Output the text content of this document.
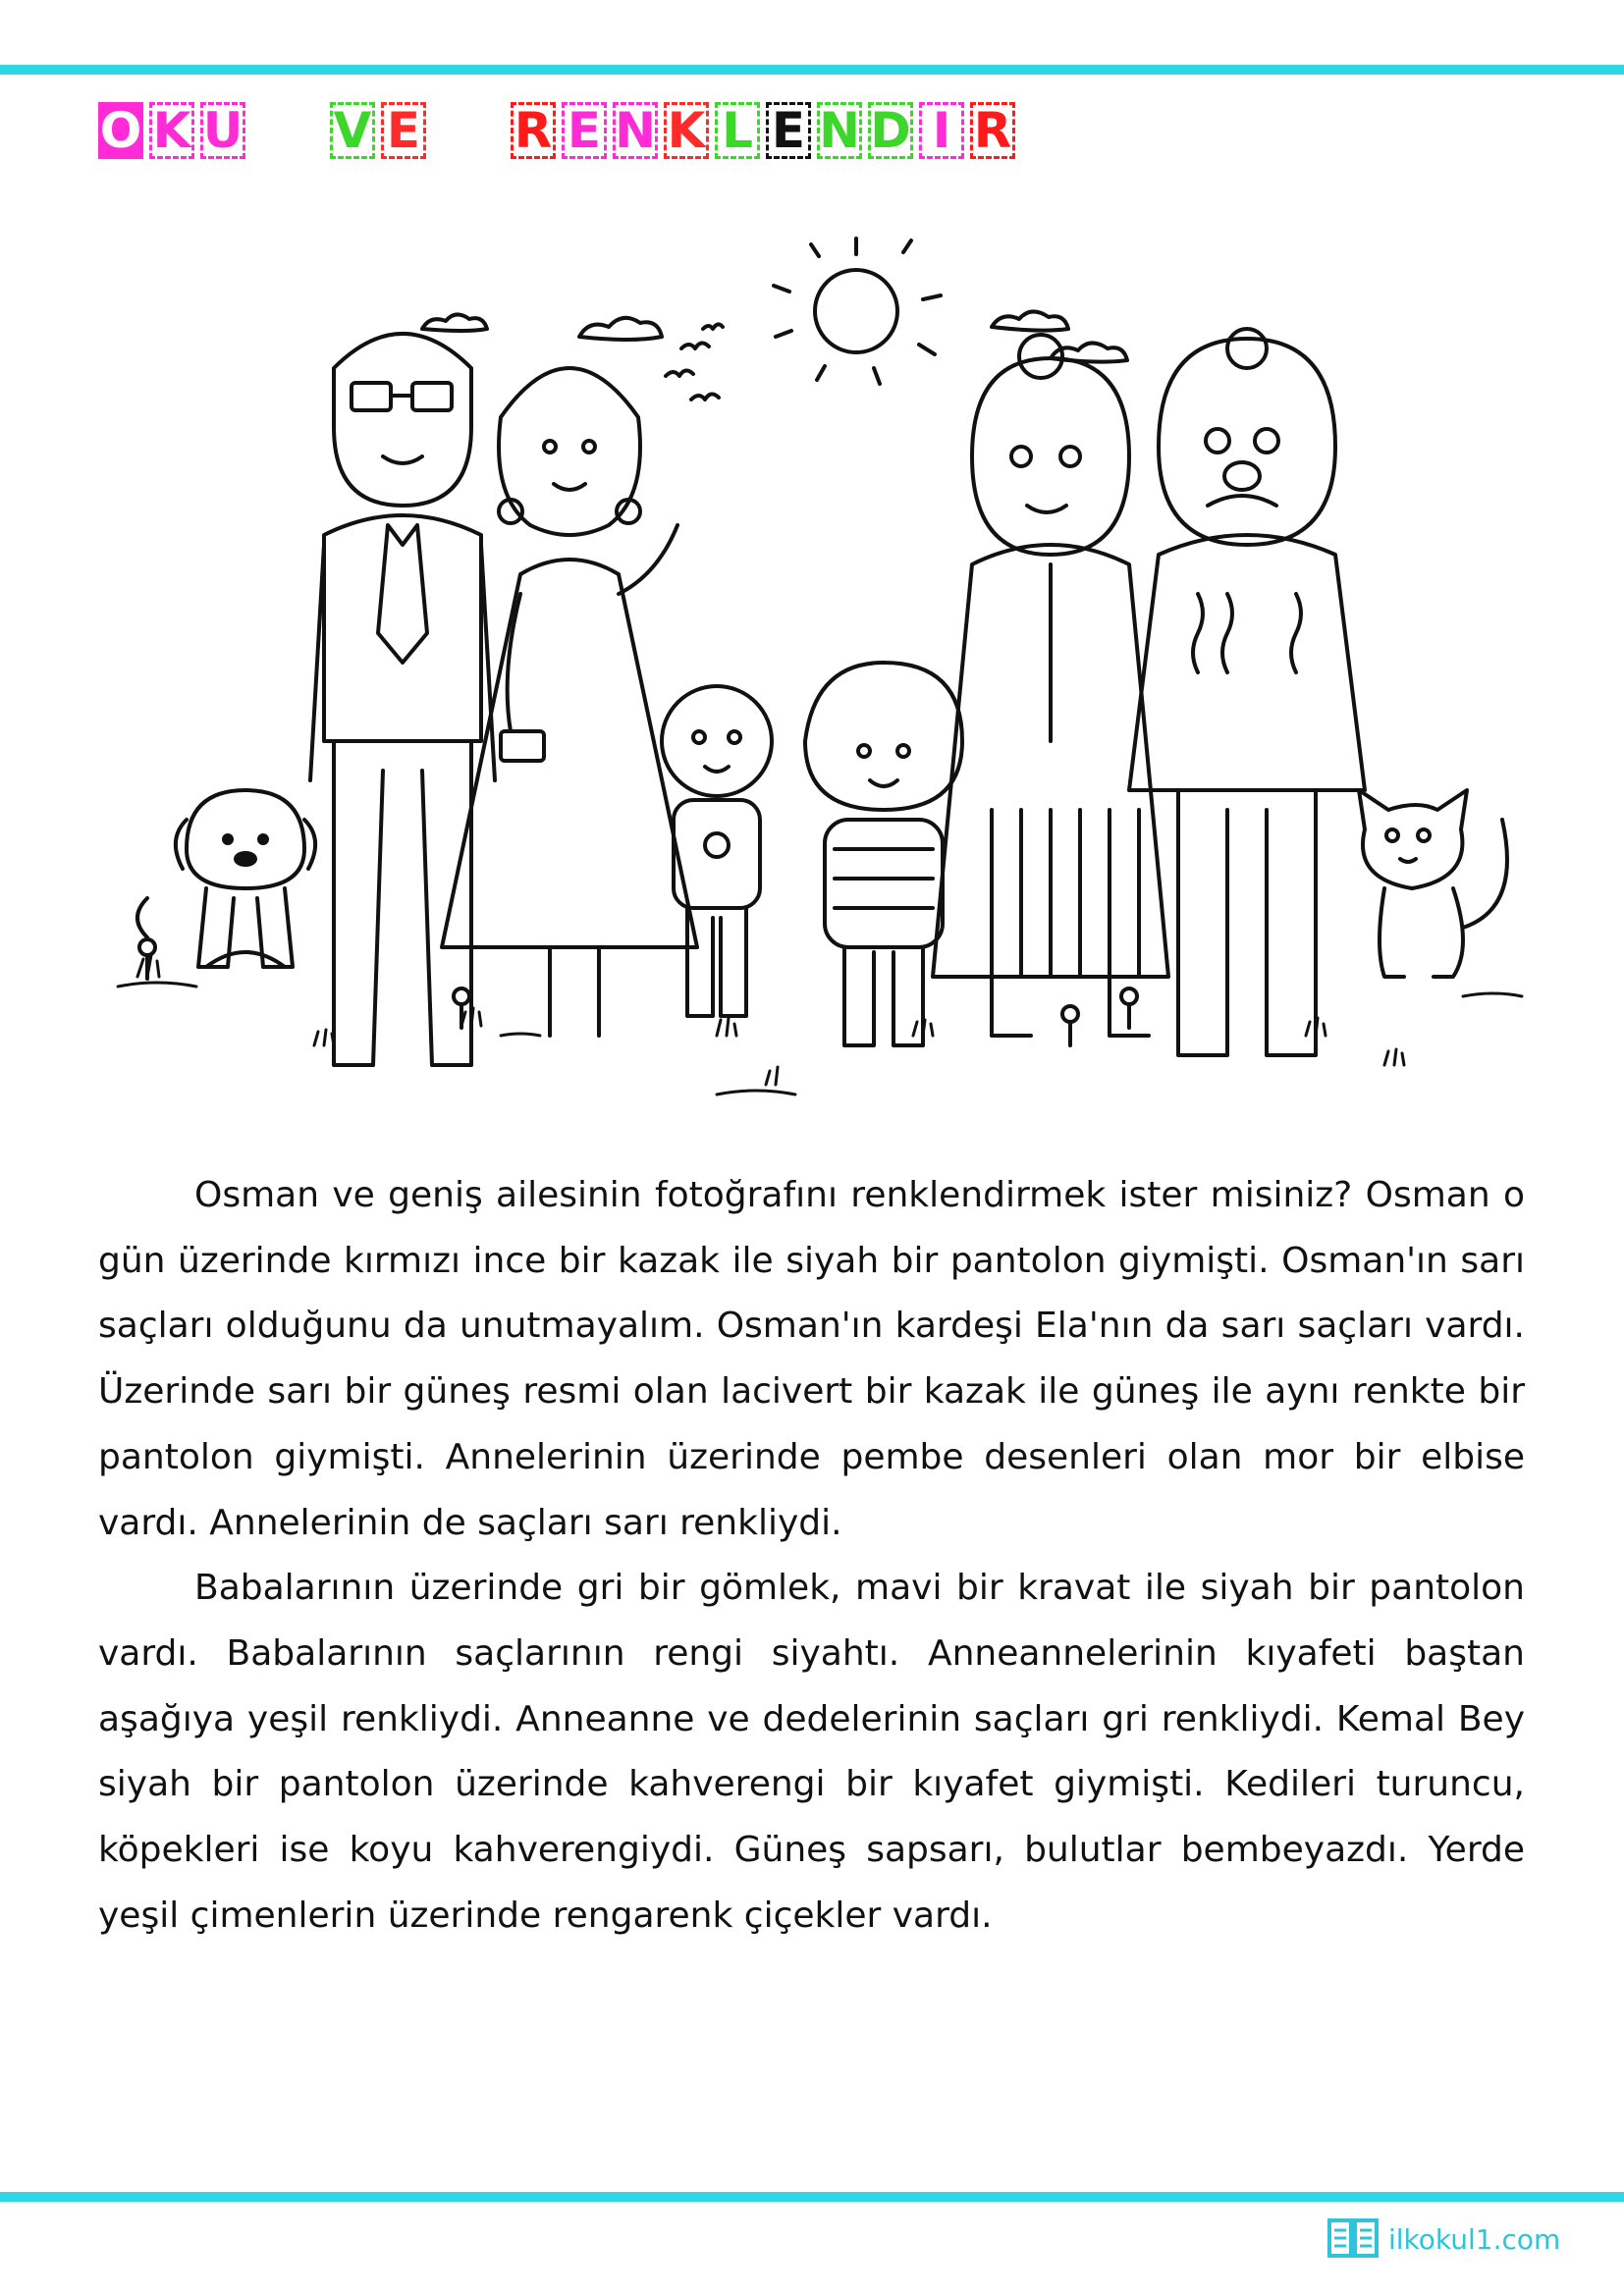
O K U V E R E N K L E N D I R

Osman ve geniş ailesinin fotoğrafını renklendirmek ister misiniz? Osman o gün üzerinde kırmızı ince bir kazak ile siyah bir pantolon giymişti. Osman'ın sarı saçları olduğunu da unutmayalım. Osman'ın kardeşi Ela'nın da sarı saçları vardı. Üzerinde sarı bir güneş resmi olan lacivert bir kazak ile güneş ile aynı renkte bir pantolon giymişti. Annelerinin üzerinde pembe desenleri olan mor bir elbise vardı. Annelerinin de saçları sarı renkliydi.

Babalarının üzerinde gri bir gömlek, mavi bir kravat ile siyah bir pantolon vardı. Babalarının saçlarının rengi siyahtı. Anneannelerinin kıyafeti baştan aşağıya yeşil renkliydi. Anneanne ve dedelerinin saçları gri renkliydi. Kemal Bey siyah bir pantolon üzerinde kahverengi bir kıyafet giymişti. Kedileri turuncu, köpekleri ise koyu kahverengiydi. Güneş sapsarı, bulutlar bembeyazdı. Yerde yeşil çimenlerin üzerinde rengarenk çiçekler vardı.

ilkokul1.com
